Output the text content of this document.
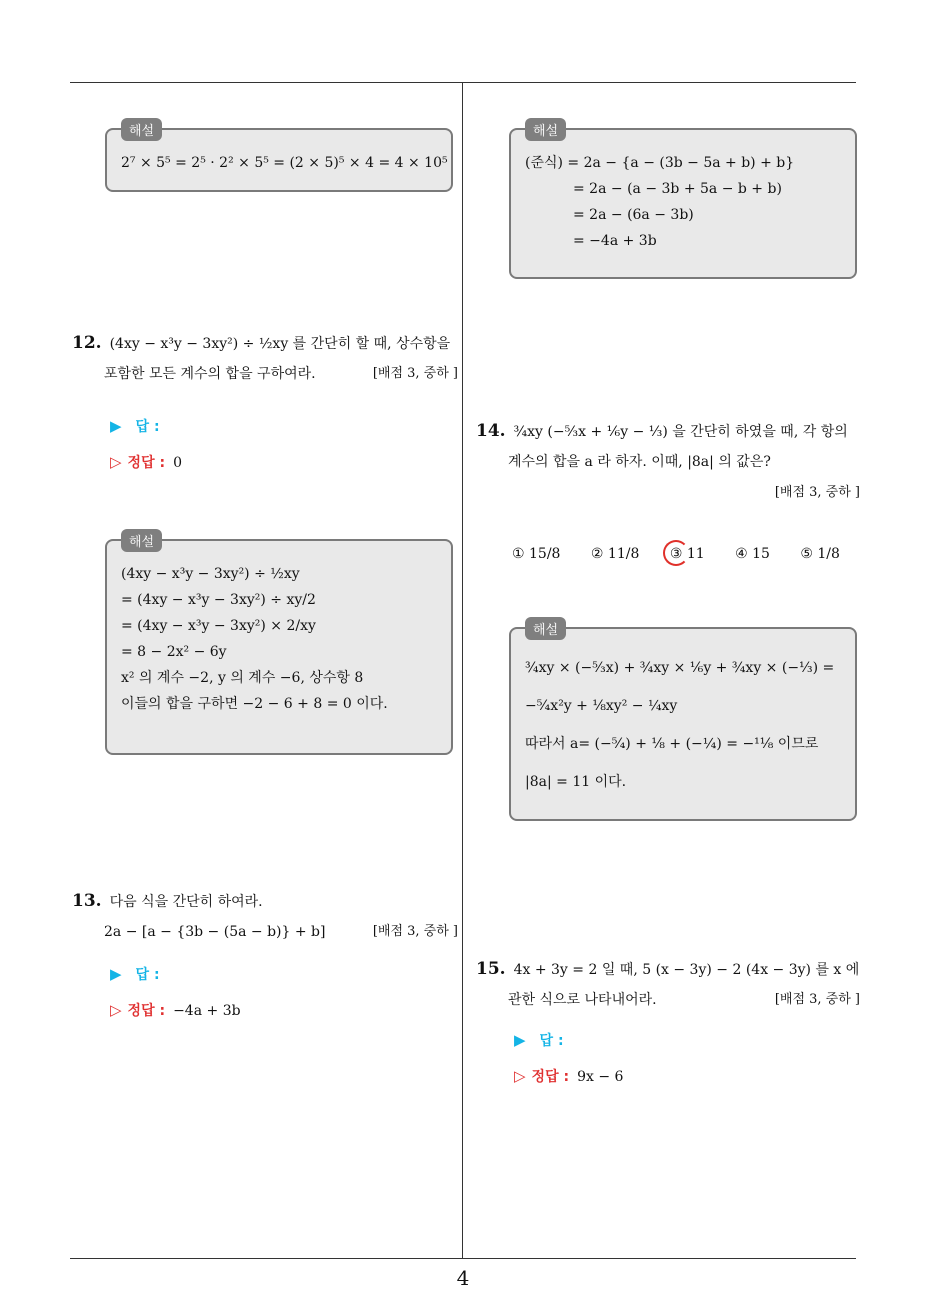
해설
2⁷ × 5⁵ = 2⁵ · 2² × 5⁵ = (2 × 5)⁵ × 4 = 4 × 10⁵
12. (4xy − x³y − 3xy²) ÷ ½xy 를 간단히 할 때, 상수항을
포함한 모든 계수의 합을 구하여라.	[배점 3, 중하 ]
▶ 답 :
▷ 정답 : 0
해설
(4xy − x³y − 3xy²) ÷ ½xy
= (4xy − x³y − 3xy²) ÷ xy/2
= (4xy − x³y − 3xy²) × 2/xy
= 8 − 2x² − 6y
x² 의 계수 −2, y 의 계수 −6, 상수항 8
이들의 합을 구하면 −2 − 6 + 8 = 0 이다.
13. 다음 식을 간단히 하여라.
2a − [a − {3b − (5a − b)} + b]	[배점 3, 중하 ]
▶ 답 :
▷ 정답 : −4a + 3b
해설
(준식) = 2a − {a − (3b − 5a + b) + b}
= 2a − (a − 3b + 5a − b + b)
= 2a − (6a − 3b)
= −4a + 3b
14. ¾xy (−⁵⁄₃x + ⅙y − ⅓) 을 간단히 하였을 때, 각 항의
계수의 합을 a 라 하자. 이때, |8a| 의 값은?
[배점 3, 중하 ]
① 15/8 ② 11/8 ③ 11 ④ 15 ⑤ 1/8
해설
¾xy × (−⁵⁄₃x) + ¾xy × ⅙y + ¾xy × (−⅓) =
−⁵⁄₄x²y + ⅛xy² − ¼xy
따라서 a= (−⁵⁄₄) + ⅛ + (−¼) = −¹¹⁄₈ 이므로
|8a| = 11 이다.
15. 4x + 3y = 2 일 때, 5 (x − 3y) − 2 (4x − 3y) 를 x 에
관한 식으로 나타내어라.	[배점 3, 중하 ]
▶ 답 :
▷ 정답 : 9x − 6
4
